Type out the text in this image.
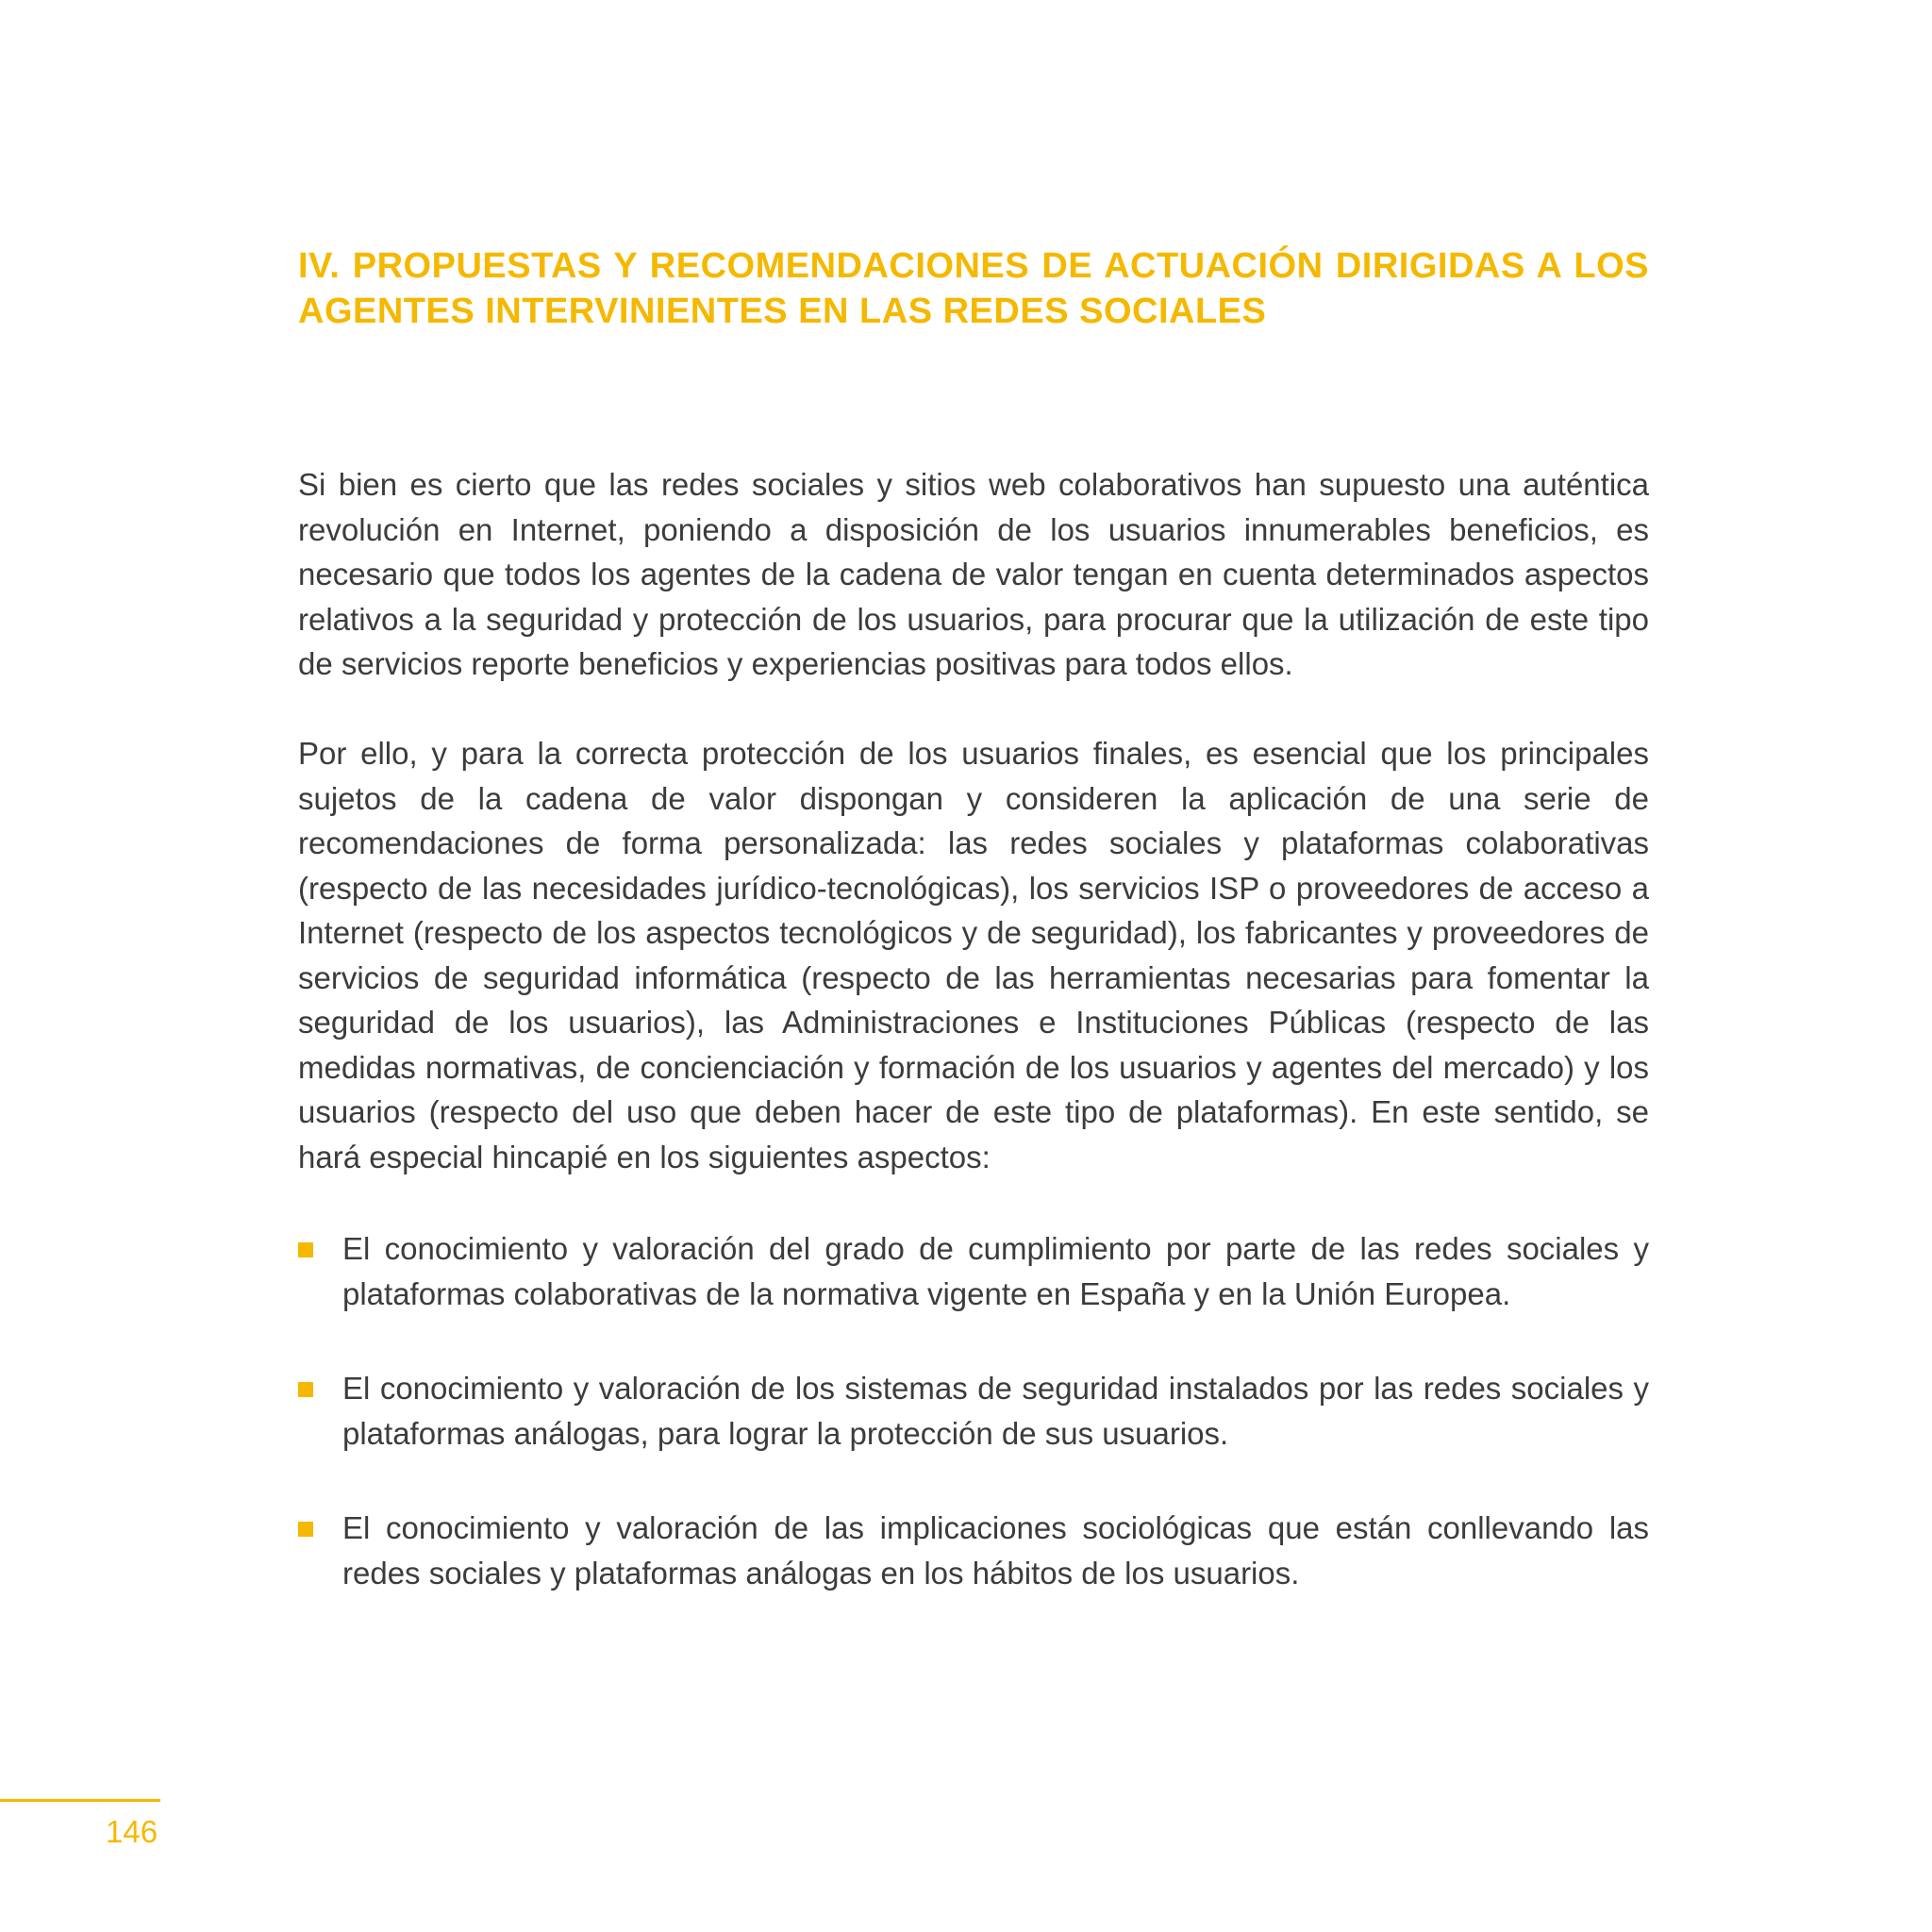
IV. PROPUESTAS Y RECOMENDACIONES DE ACTUACIÓN DIRIGIDAS A LOS AGENTES INTERVINIENTES EN LAS REDES SOCIALES

Si bien es cierto que las redes sociales y sitios web colaborativos han supuesto una auténtica revolución en Internet, poniendo a disposición de los usuarios innumerables beneficios, es necesario que todos los agentes de la cadena de valor tengan en cuenta determinados aspectos relativos a la seguridad y protección de los usuarios, para procurar que la utilización de este tipo de servicios reporte beneficios y experiencias positivas para todos ellos.

Por ello, y para la correcta protección de los usuarios finales, es esencial que los principales sujetos de la cadena de valor dispongan y consideren la aplicación de una serie de recomendaciones de forma personalizada: las redes sociales y plataformas colaborativas (respecto de las necesidades jurídico-tecnológicas), los servicios ISP o proveedores de acceso a Internet (respecto de los aspectos tecnológicos y de seguridad), los fabricantes y proveedores de servicios de seguridad informática (respecto de las herramientas necesarias para fomentar la seguridad de los usuarios), las Administraciones e Instituciones Públicas (respecto de las medidas normativas, de concienciación y formación de los usuarios y agentes del mercado) y los usuarios (respecto del uso que deben hacer de este tipo de plataformas). En este sentido, se hará especial hincapié en los siguientes aspectos:

El conocimiento y valoración del grado de cumplimiento por parte de las redes sociales y plataformas colaborativas de la normativa vigente en España y en la Unión Europea.
El conocimiento y valoración de los sistemas de seguridad instalados por las redes sociales y plataformas análogas, para lograr la protección de sus usuarios.
El conocimiento y valoración de las implicaciones sociológicas que están conllevando las redes sociales y plataformas análogas en los hábitos de los usuarios.
146
